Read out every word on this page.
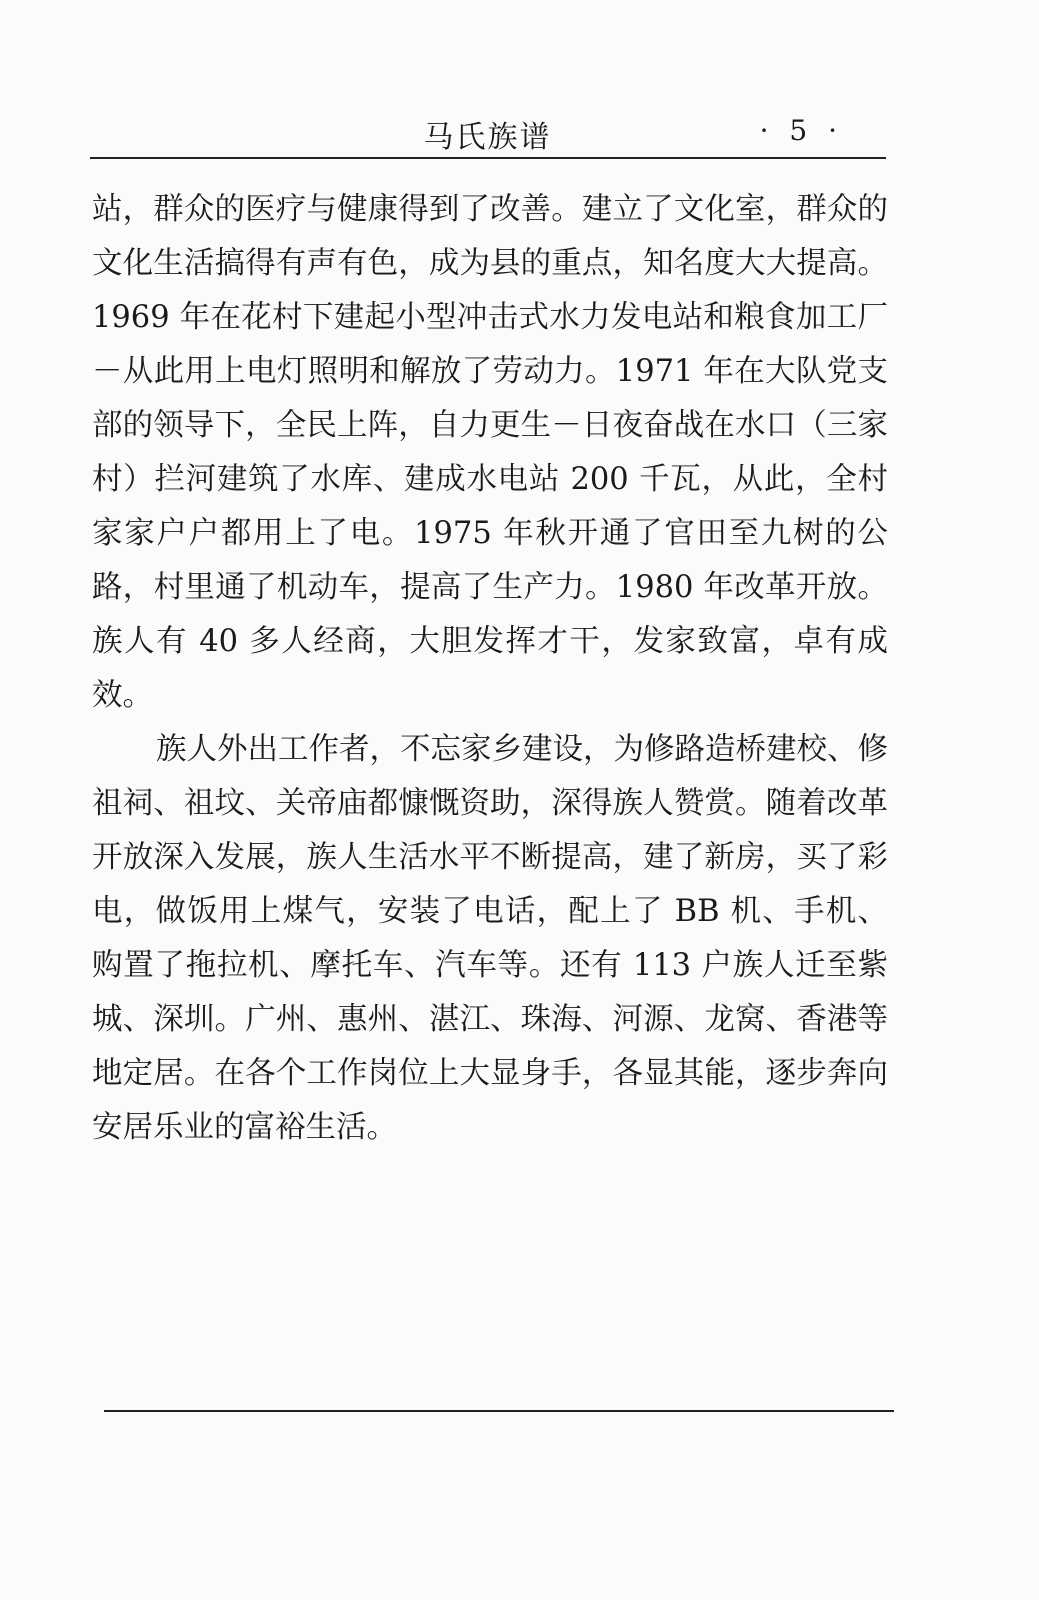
马氏族谱	· 5 ·

站，群众的医疗与健康得到了改善。建立了文化室，群众的文化生活搞得有声有色，成为县的重点，知名度大大提高。1969 年在花村下建起小型冲击式水力发电站和粮食加工厂－从此用上电灯照明和解放了劳动力。1971 年在大队党支部的领导下，全民上阵，自力更生－日夜奋战在水口（三家村）拦河建筑了水库、建成水电站 200 千瓦，从此，全村家家户户都用上了电。1975 年秋开通了官田至九树的公路，村里通了机动车，提高了生产力。1980 年改革开放。族人有 40 多人经商，大胆发挥才干，发家致富，卓有成效。

族人外出工作者，不忘家乡建设，为修路造桥建校、修祖祠、祖坟、关帝庙都慷慨资助，深得族人赞赏。随着改革开放深入发展，族人生活水平不断提高，建了新房，买了彩电，做饭用上煤气，安装了电话，配上了 BB 机、手机、购置了拖拉机、摩托车、汽车等。还有 113 户族人迁至紫城、深圳。广州、惠州、湛江、珠海、河源、龙窝、香港等地定居。在各个工作岗位上大显身手，各显其能，逐步奔向安居乐业的富裕生活。
